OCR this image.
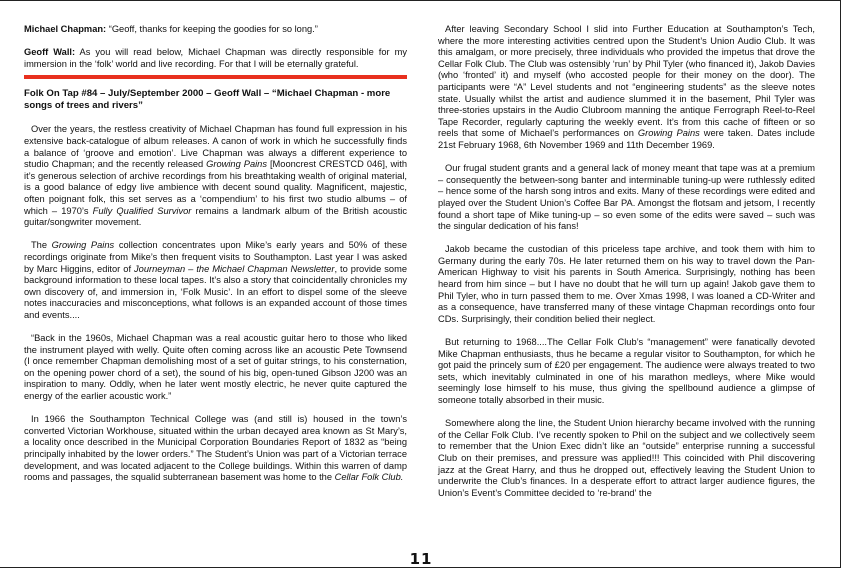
Michael Chapman: “Geoff, thanks for keeping the goodies for so long.”

Geoff Wall: As you will read below, Michael Chapman was directly responsible for my immersion in the ‘folk’ world and live recording. For that I will be eternally grateful.

Folk On Tap #84 – July/September 2000 – Geoff Wall – “Michael Chapman - more songs of trees and rivers”

Over the years, the restless creativity of Michael Chapman has found full expression in his extensive back-catalogue of album releases. A canon of work in which he successfully finds a balance of ‘groove and emotion’. Live Chapman was always a different experience to studio Chapman; and the recently released Growing Pains [Mooncrest CRESTCD 046], with it’s generous selection of archive recordings from his breathtaking wealth of original material, is a good balance of edgy live ambience with decent sound quality. Magnificent, majestic, often poignant folk, this set serves as a ‘compendium’ to his first two studio albums – of which – 1970’s Fully Qualified Survivor remains a landmark album of the British acoustic guitar/songwriter movement.

The Growing Pains collection concentrates upon Mike’s early years and 50% of these recordings originate from Mike’s then frequent visits to Southampton. Last year I was asked by Marc Higgins, editor of Journeyman – the Michael Chapman Newsletter, to provide some background information to these local tapes. It’s also a story that coincidentally chronicles my own discovery of, and immersion in, ‘Folk Music’. In an effort to dispel some of the sleeve notes inaccuracies and misconceptions, what follows is an expanded account of those times and events....

“Back in the 1960s, Michael Chapman was a real acoustic guitar hero to those who liked the instrument played with welly. Quite often coming across like an acoustic Pete Townsend (I once remember Chapman demolishing most of a set of guitar strings, to his consternation, on the opening power chord of a set), the sound of his big, open-tuned Gibson J200 was an inspiration to many. Oddly, when he later went mostly electric, he never quite captured the energy of the earlier acoustic work.”

In 1966 the Southampton Technical College was (and still is) housed in the town’s converted Victorian Workhouse, situated within the urban decayed area known as St Mary’s, a locality once described in the Municipal Corporation Boundaries Report of 1832 as “being principally inhabited by the lower orders.” The Student’s Union was part of a Victorian terrace development, and was located adjacent to the College buildings. Within this warren of damp rooms and passages, the squalid subterranean basement was home to the Cellar Folk Club.

After leaving Secondary School I slid into Further Education at Southampton’s Tech, where the more interesting activities centred upon the Student’s Union Audio Club. It was this amalgam, or more precisely, three individuals who provided the impetus that drove the Cellar Folk Club. The Club was ostensibly ‘run’ by Phil Tyler (who financed it), Jakob Davies (who ‘fronted’ it) and myself (who accosted people for their money on the door). The participants were “A” Level students and not “engineering students” as the sleeve notes state. Usually whilst the artist and audience slummed it in the basement, Phil Tyler was three-stories upstairs in the Audio Clubroom manning the antique Ferrograph Reel-to-Reel Tape Recorder, regularly capturing the weekly event. It’s from this cache of fifteen or so reels that some of Michael’s performances on Growing Pains were taken. Dates include 21st February 1968, 6th November 1969 and 11th December 1969.

Our frugal student grants and a general lack of money meant that tape was at a premium – consequently the between-song banter and interminable tuning-up were ruthlessly edited – hence some of the harsh song intros and exits. Many of these recordings were edited and played over the Student Union’s Coffee Bar PA. Amongst the flotsam and jetsom, I recently found a short tape of Mike tuning-up – so even some of the edits were saved – such was the singular dedication of his fans!

Jakob became the custodian of this priceless tape archive, and took them with him to Germany during the early 70s. He later returned them on his way to travel down the Pan-American Highway to visit his parents in South America. Surprisingly, nothing has been heard from him since – but I have no doubt that he will turn up again! Jakob gave them to Phil Tyler, who in turn passed them to me. Over Xmas 1998, I was loaned a CD-Writer and as a consequence, have transferred many of these vintage Chapman recordings onto four CDs. Surprisingly, their condition belied their neglect.

But returning to 1968....The Cellar Folk Club’s “management” were fanatically devoted Mike Chapman enthusiasts, thus he became a regular visitor to Southampton, for which he got paid the princely sum of £20 per engagement. The audience were always treated to two sets, which inevitably culminated in one of his marathon medleys, where Mike would seemingly lose himself to his muse, thus giving the spellbound audience a glimpse of someone totally absorbed in their music.

Somewhere along the line, the Student Union hierarchy became involved with the running of the Cellar Folk Club. I’ve recently spoken to Phil on the subject and we collectively seem to remember that the Union Exec didn’t like an “outside” enterprise running a successful Club on their premises, and pressure was applied!!! This coincided with Phil discovering jazz at the Great Harry, and thus he dropped out, effectively leaving the Student Union to underwrite the Club’s finances. In a desperate effort to attract larger audience figures, the Union’s Event’s Committee decided to ‘re-brand’ the

11
